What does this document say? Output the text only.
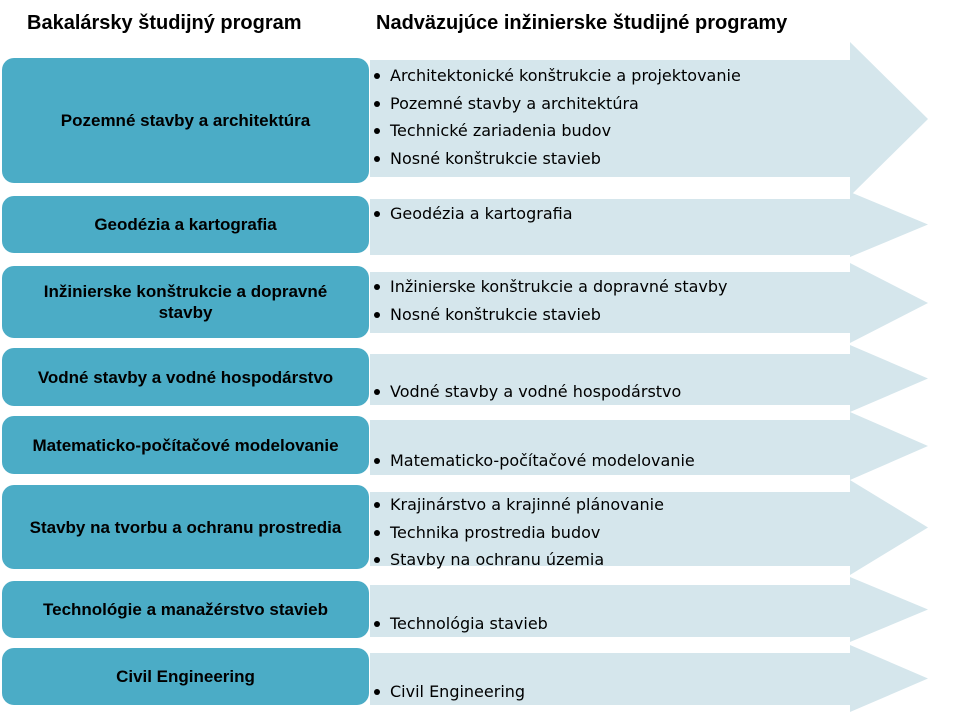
Bakalársky študijný program	Nadväzujúce inžinierske študijné programy
Pozemné stavby a architektúra
Architektonické konštrukcie a projektovanie
Pozemné stavby a architektúra
Technické zariadenia budov
Nosné konštrukcie stavieb
Geodézia a kartografia
Geodézia a kartografia
Inžinierske konštrukcie a dopravné stavby
Inžinierske konštrukcie a dopravné stavby
Nosné konštrukcie stavieb
Vodné stavby a vodné hospodárstvo
Vodné stavby a vodné hospodárstvo
Matematicko-počítačové modelovanie
Matematicko-počítačové modelovanie
Stavby na tvorbu a ochranu prostredia
Krajinárstvo a krajinné plánovanie
Technika prostredia budov
Stavby na ochranu územia
Technológie a manažérstvo stavieb
Technológia stavieb
Civil Engineering
Civil Engineering
